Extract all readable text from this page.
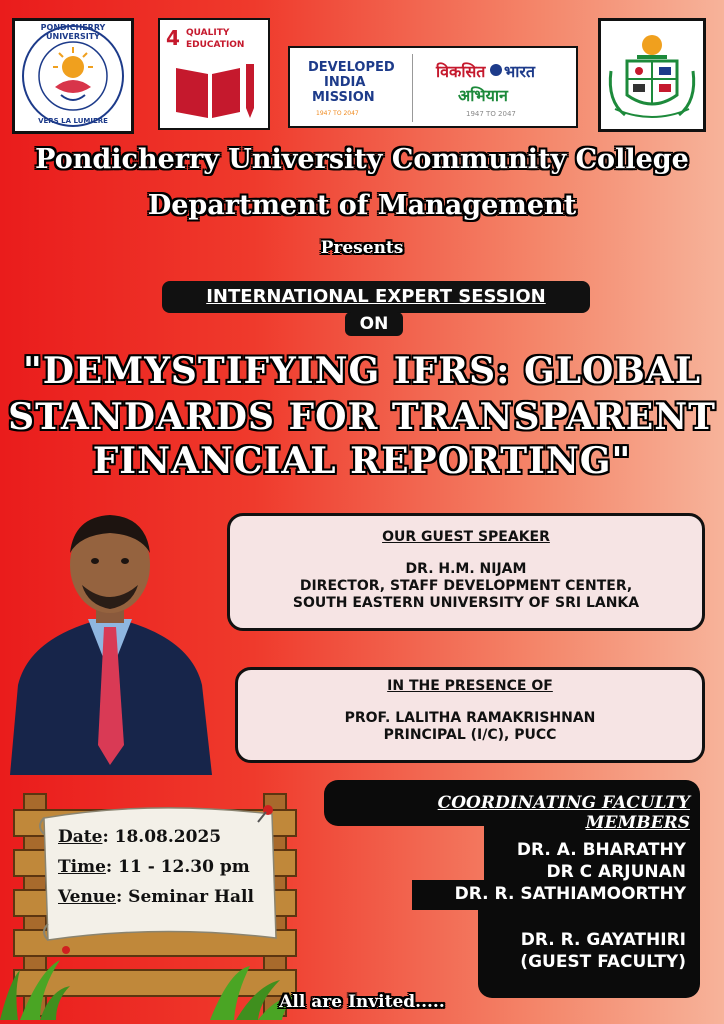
PONDICHERRY UNIVERSITY
VERS LA LUMIERE
4 QUALITY
EDUCATION
DEVELOPED
INDIA
MISSION
1947 TO 2047
विकसित भारत
अभियान
1947 TO 2047
Pondicherry University Community College
Department of Management
Presents
INTERNATIONAL EXPERT SESSION
ON
"DEMYSTIFYING IFRS: GLOBAL
STANDARDS FOR TRANSPARENT
FINANCIAL REPORTING"
OUR GUEST SPEAKER
DR. H.M. NIJAM
DIRECTOR, STAFF DEVELOPMENT CENTER,
SOUTH EASTERN UNIVERSITY OF SRI LANKA
IN THE PRESENCE OF
PROF. LALITHA RAMAKRISHNAN
PRINCIPAL (I/C), PUCC
Date: 18.08.2025
Time: 11 - 12.30 pm
Venue: Seminar Hall
COORDINATING FACULTY MEMBERS
DR. A. BHARATHY
DR C ARJUNAN
DR. R. SATHIAMOORTHY
DR. R. GAYATHIRI
(GUEST FACULTY)
All are Invited.....
